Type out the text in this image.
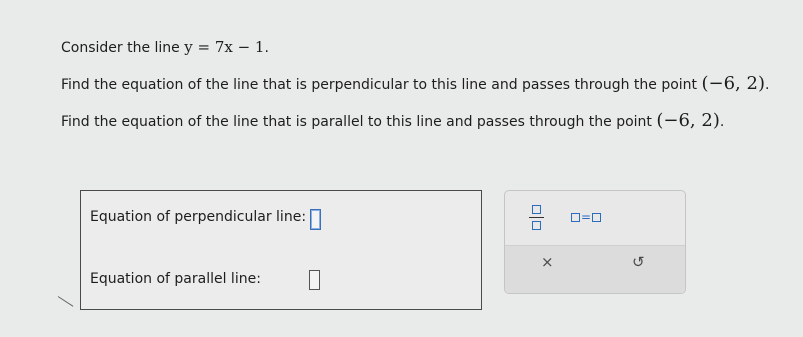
Consider the line y = 7x − 1.
Find the equation of the line that is perpendicular to this line and passes through the point (−6, 2).
Find the equation of the line that is parallel to this line and passes through the point (−6, 2).
Equation of perpendicular line:
Equation of parallel line:
=
×	↺
